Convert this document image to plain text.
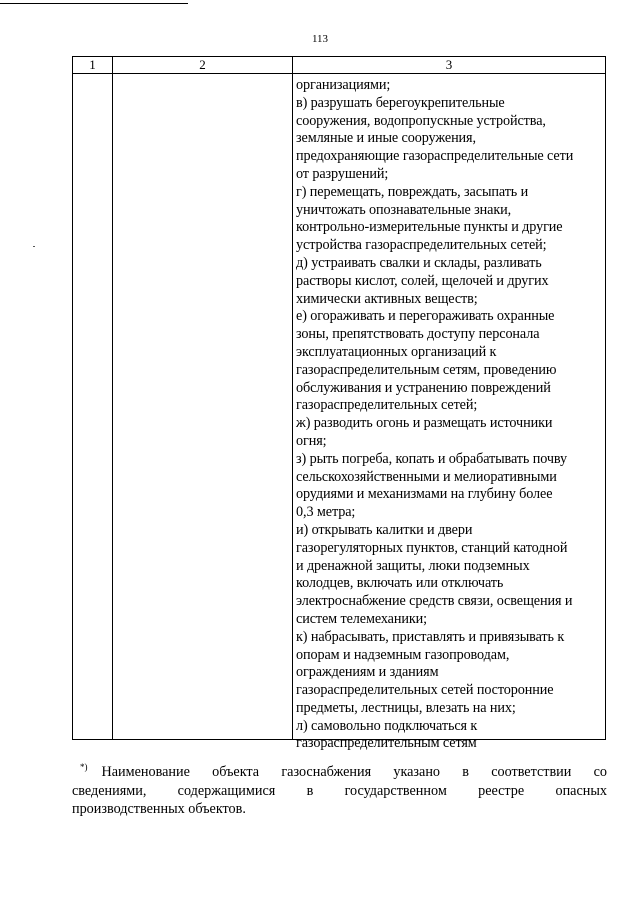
113
1	2	3
организациями;
в) разрушать берегоукрепительные
сооружения, водопропускные устройства,
земляные и иные сооружения,
предохраняющие газораспределительные сети
от разрушений;
г) перемещать, повреждать, засыпать и
уничтожать опознавательные знаки,
контрольно-измерительные пункты и другие
устройства газораспределительных сетей;
д) устраивать свалки и склады, разливать
растворы кислот, солей, щелочей и других
химически активных веществ;
е) огораживать и перегораживать охранные
зоны, препятствовать доступу персонала
эксплуатационных организаций к
газораспределительным сетям, проведению
обслуживания и устранению повреждений
газораспределительных сетей;
ж) разводить огонь и размещать источники
огня;
з) рыть погреба, копать и обрабатывать почву
сельскохозяйственными и мелиоративными
орудиями и механизмами на глубину более
0,3 метра;
и) открывать калитки и двери
газорегуляторных пунктов, станций катодной
и дренажной защиты, люки подземных
колодцев, включать или отключать
электроснабжение средств связи, освещения и
систем телемеханики;
к) набрасывать, приставлять и привязывать к
опорам и надземным газопроводам,
ограждениям и зданиям
газораспределительных сетей посторонние
предметы, лестницы, влезать на них;
л) самовольно подключаться к
газораспределительным сетям
*) Наименование объекта газоснабжения указано в соответствии со
сведениями, содержащимися в государственном реестре опасных
производственных объектов.
